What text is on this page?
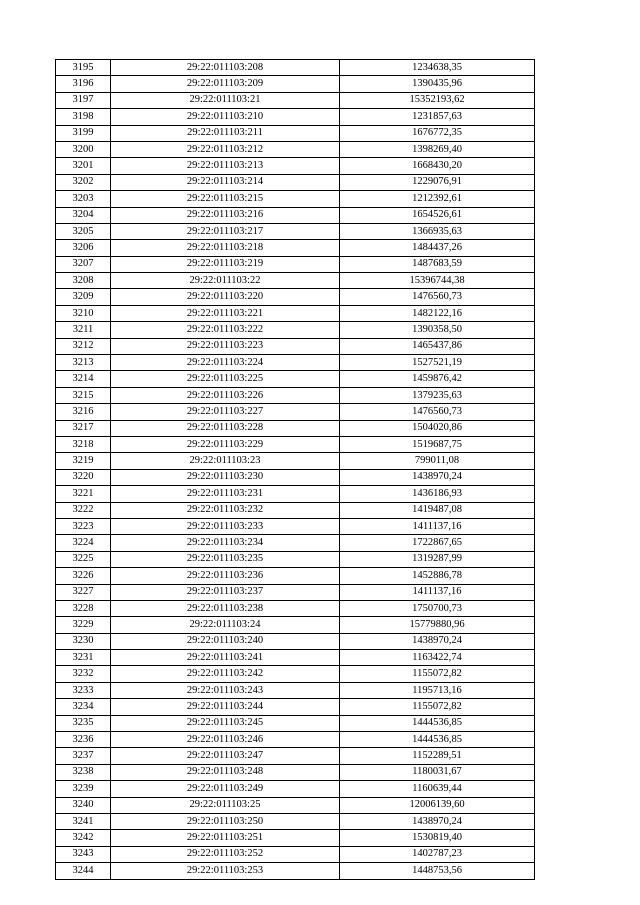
3195	29:22:011103:208	1234638,35
3196	29:22:011103:209	1390435,96
3197	29:22:011103:21	15352193,62
3198	29:22:011103:210	1231857,63
3199	29:22:011103:211	1676772,35
3200	29:22:011103:212	1398269,40
3201	29:22:011103:213	1668430,20
3202	29:22:011103:214	1229076,91
3203	29:22:011103:215	1212392,61
3204	29:22:011103:216	1654526,61
3205	29:22:011103:217	1366935,63
3206	29:22:011103:218	1484437,26
3207	29:22:011103:219	1487683,59
3208	29:22:011103:22	15396744,38
3209	29:22:011103:220	1476560,73
3210	29:22:011103:221	1482122,16
3211	29:22:011103:222	1390358,50
3212	29:22:011103:223	1465437,86
3213	29:22:011103:224	1527521,19
3214	29:22:011103:225	1459876,42
3215	29:22:011103:226	1379235,63
3216	29:22:011103:227	1476560,73
3217	29:22:011103:228	1504020,86
3218	29:22:011103:229	1519687,75
3219	29:22:011103:23	799011,08
3220	29:22:011103:230	1438970,24
3221	29:22:011103:231	1436186,93
3222	29:22:011103:232	1419487,08
3223	29:22:011103:233	1411137,16
3224	29:22:011103:234	1722867,65
3225	29:22:011103:235	1319287,99
3226	29:22:011103:236	1452886,78
3227	29:22:011103:237	1411137,16
3228	29:22:011103:238	1750700,73
3229	29:22:011103:24	15779880,96
3230	29:22:011103:240	1438970,24
3231	29:22:011103:241	1163422,74
3232	29:22:011103:242	1155072,82
3233	29:22:011103:243	1195713,16
3234	29:22:011103:244	1155072,82
3235	29:22:011103:245	1444536,85
3236	29:22:011103:246	1444536,85
3237	29:22:011103:247	1152289,51
3238	29:22:011103:248	1180031,67
3239	29:22:011103:249	1160639,44
3240	29:22:011103:25	12006139,60
3241	29:22:011103:250	1438970,24
3242	29:22:011103:251	1530819,40
3243	29:22:011103:252	1402787,23
3244	29:22:011103:253	1448753,56
